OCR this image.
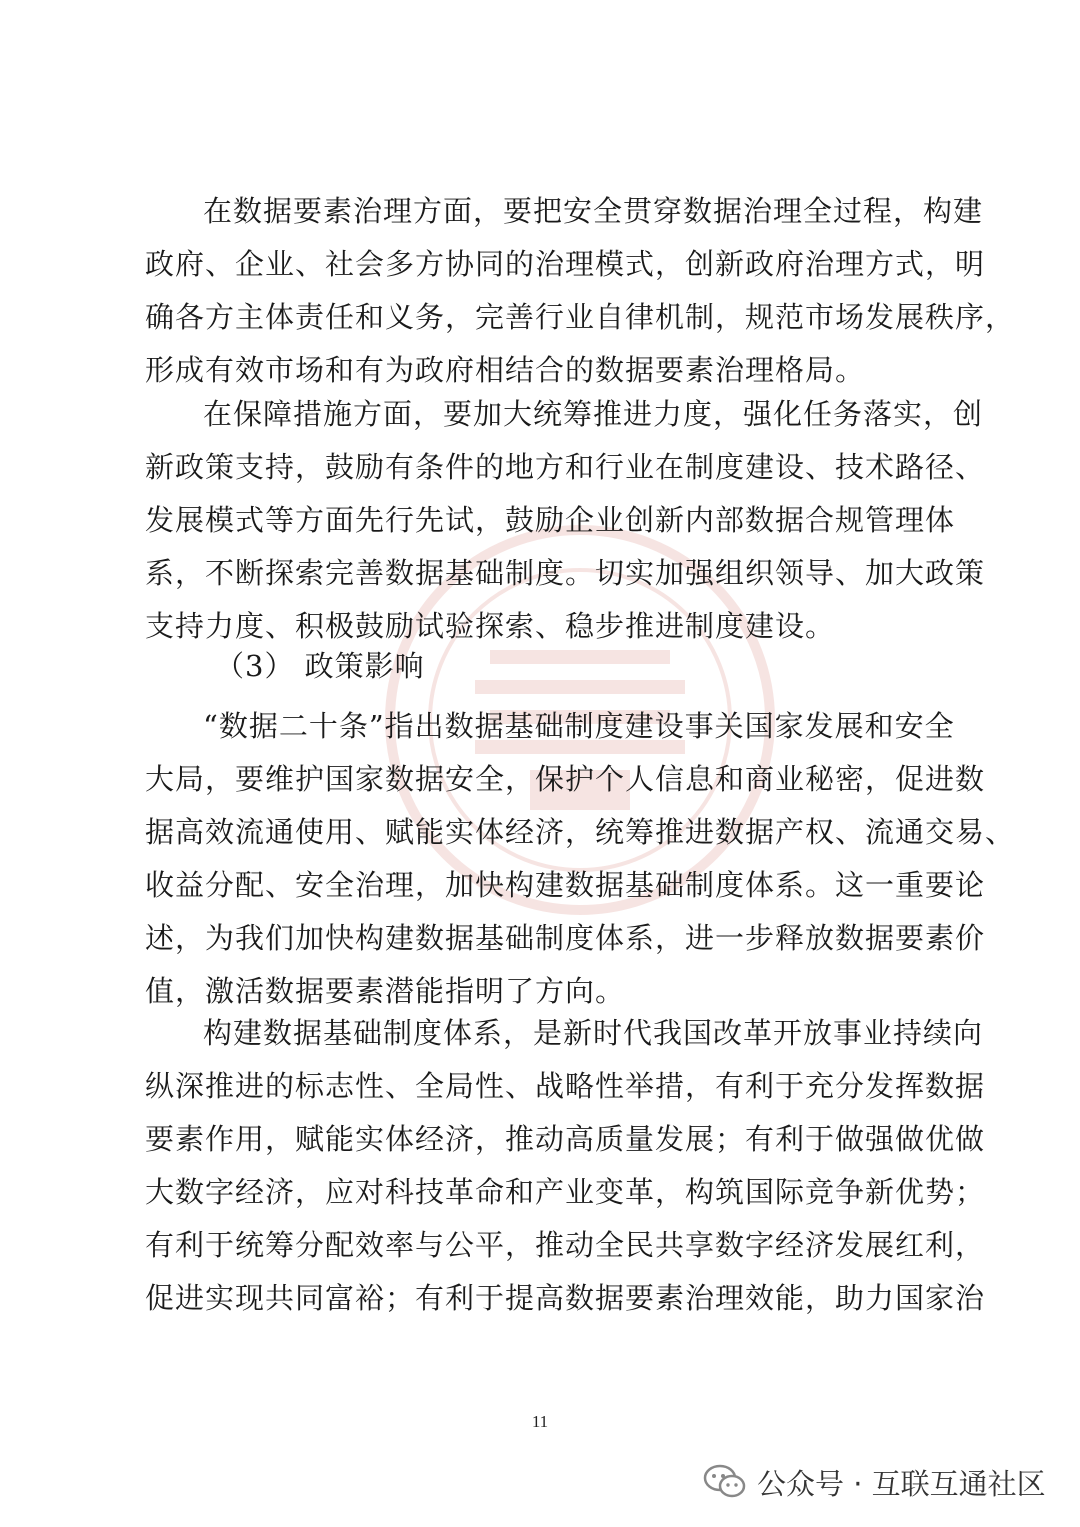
在数据要素治理方面，要把安全贯穿数据治理全过程，构建
政府、企业、社会多方协同的治理模式，创新政府治理方式，明
确各方主体责任和义务，完善行业自律机制，规范市场发展秩序，
形成有效市场和有为政府相结合的数据要素治理格局。
在保障措施方面，要加大统筹推进力度，强化任务落实，创
新政策支持，鼓励有条件的地方和行业在制度建设、技术路径、
发展模式等方面先行先试，鼓励企业创新内部数据合规管理体
系，不断探索完善数据基础制度。切实加强组织领导、加大政策
支持力度、积极鼓励试验探索、稳步推进制度建设。
（3） 政策影响
“数据二十条”指出数据基础制度建设事关国家发展和安全
大局，要维护国家数据安全，保护个人信息和商业秘密，促进数
据高效流通使用、赋能实体经济，统筹推进数据产权、流通交易、
收益分配、安全治理，加快构建数据基础制度体系。这一重要论
述，为我们加快构建数据基础制度体系，进一步释放数据要素价
值，激活数据要素潜能指明了方向。
构建数据基础制度体系，是新时代我国改革开放事业持续向
纵深推进的标志性、全局性、战略性举措，有利于充分发挥数据
要素作用，赋能实体经济，推动高质量发展；有利于做强做优做
大数字经济，应对科技革命和产业变革，构筑国际竞争新优势；
有利于统筹分配效率与公平，推动全民共享数字经济发展红利，
促进实现共同富裕；有利于提高数据要素治理效能，助力国家治
11
公众号 · 互联互通社区
